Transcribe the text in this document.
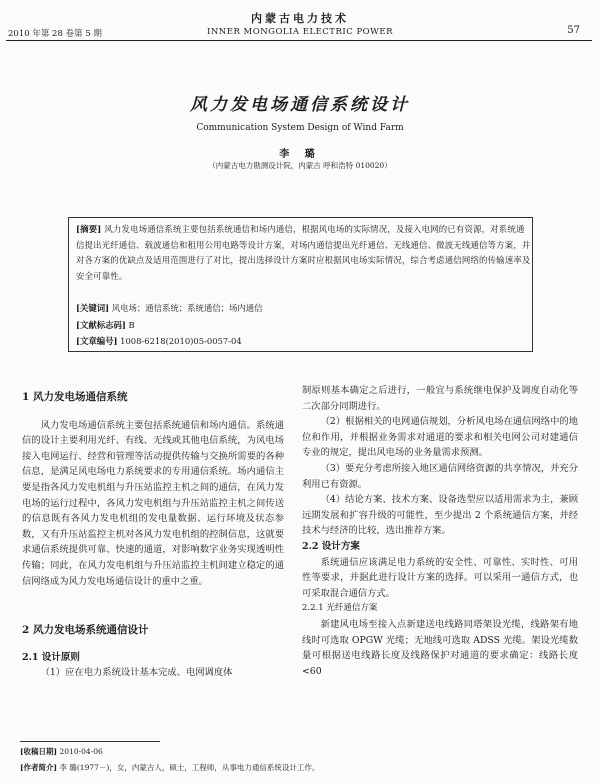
内蒙古电力技术
2010 年第 28 卷第 5 期	INNER MONGOLIA ELECTRIC POWER	57
风力发电场通信系统设计
Communication System Design of Wind Farm
李 璐
（内蒙古电力勘测设计院，内蒙古 呼和浩特 010020）
[摘要] 风力发电场通信系统主要包括系统通信和场内通信，根据风电场的实际情况，及接入电网的已有资源，对系统通信提出光纤通信、载波通信和租用公用电路等设计方案，对场内通信提出光纤通信、无线通信、微波无线通信等方案，并对各方案的优缺点及适用范围进行了对比，提出选择设计方案时应根据风电场实际情况，综合考虑通信网络的传输速率及安全可靠性。
[关键词] 风电场；通信系统；系统通信；场内通信
[文献标志码] B
[文章编号] 1008-6218(2010)05-0057-04
1 风力发电场通信系统
风力发电场通信系统主要包括系统通信和场内通信。系统通信的设计主要利用光纤、有线、无线或其他电信系统，为风电场接入电网运行、经营和管理等活动提供传输与交换所需要的各种信息，是满足风电场电力系统要求的专用通信系统。场内通信主要是指各风力发电机组与升压站监控主机之间的通信，在风力发电场的运行过程中，各风力发电机组与升压站监控主机之间传送的信息既有各风力发电机组的发电量数据、运行环境及状态参数，又有升压站监控主机对各风力发电机组的控制信息，这就要求通信系统提供可靠、快速的通道，对影响数字业务实现透明性传输；同此，在风力发电机组与升压站监控主机间建立稳定的通信网络成为风力发电场通信设计的重中之重。
2 风力发电场系统通信设计
2.1 设计原则
（1）应在电力系统设计基本完成、电网调度体
制原则基本确定之后进行，一般宜与系统继电保护及调度自动化等二次部分同期进行。
（2）根据相关的电网通信规划，分析风电场在通信网络中的地位和作用，并根据业务需求对通道的要求和相关电网公司对建通信专业的规定，提出风电场的业务量需求预测。
（3）要充分考虑所接入地区通信网络资源的共享情况，并充分利用已有资源。
（4）结论方案、技术方案、设备选型应以适用需求为主，兼顾远期发展和扩容升级的可能性，至少提出 2 个系统通信方案，并经技术与经济的比较，选出推荐方案。
2.2 设计方案
系统通信应该满足电力系统的安全性、可靠性、实时性、可用性等要求，并据此进行设计方案的选择。可以采用一通信方式，也可采取混合通信方式。
2.2.1 光纤通信方案
新建风电场至接入点新建送电线路同塔架设光缆，线路架有地线时可选取 OPGW 光缆；无地线可选取 ADSS 光缆。架设光缆数量可根据送电线路长度及线路保护对通道的要求确定：线路长度<60
[收稿日期] 2010-04-06
[作者简介] 李 璐(1977－)，女，内蒙古人，硕士，工程师，从事电力通信系统设计工作。
